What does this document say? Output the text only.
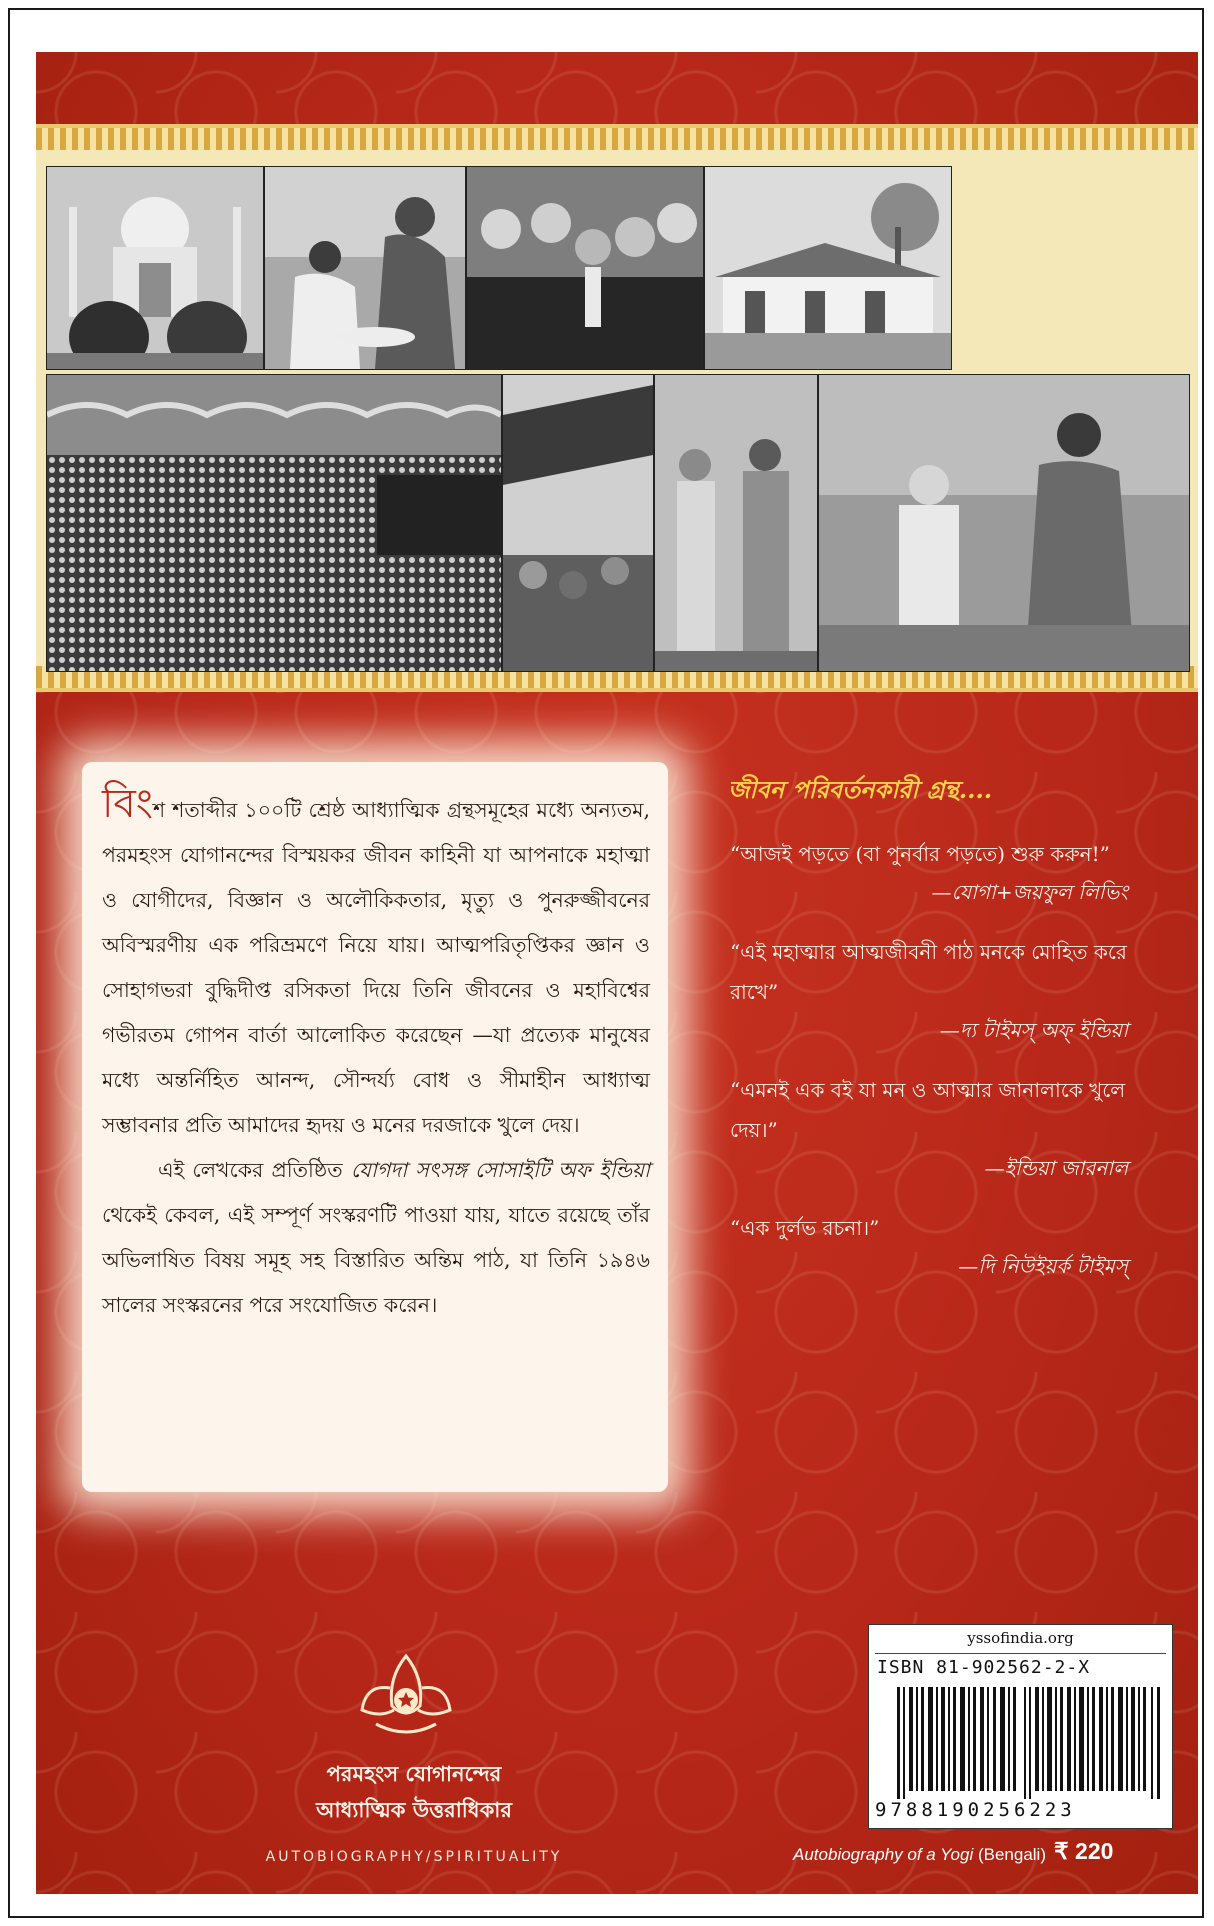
বিংশ শতাব্দীর ১০০টি শ্রেষ্ঠ আধ্যাত্মিক গ্রন্থসমূহের মধ্যে অন্যতম, পরমহংস যোগানন্দের বিস্ময়কর জীবন কাহিনী যা আপনাকে মহাত্মা ও যোগীদের, বিজ্ঞান ও অলৌকিকতার, মৃত্যু ও পুনরুজ্জীবনের অবিস্মরণীয় এক পরিভ্রমণে নিয়ে যায়। আত্মপরিতৃপ্তিকর জ্ঞান ও সোহাগভরা বুদ্ধিদীপ্ত রসিকতা দিয়ে তিনি জীবনের ও মহাবিশ্বের গভীরতম গোপন বার্তা আলোকিত করেছেন —যা প্রত্যেক মানুষের মধ্যে অন্তর্নিহিত আনন্দ, সৌন্দর্য্য বোধ ও সীমাহীন আধ্যাত্ম সম্ভাবনার প্রতি আমাদের হৃদয় ও মনের দরজাকে খুলে দেয়।

এই লেখকের প্রতিষ্ঠিত যোগদা সৎসঙ্গ সোসাইটি অফ ইন্ডিয়া থেকেই কেবল, এই সম্পূর্ণ সংস্করণটি পাওয়া যায়, যাতে রয়েছে তাঁর অভিলাষিত বিষয় সমূহ সহ বিস্তারিত অন্তিম পাঠ, যা তিনি ১৯৪৬ সালের সংস্করনের পরে সংযোজিত করেন।

জীবন পরিবর্তনকারী গ্রন্থ....
“আজই পড়তে (বা পুনর্বার পড়তে) শুরু করুন!”
—যোগা+জয়ফুল লিভিং
“এই মহাত্মার আত্মজীবনী পাঠ মনকে মোহিত করে রাখে”
—দ্য টাইমস্ অফ্ ইন্ডিয়া
“এমনই এক বই যা মন ও আত্মার জানালাকে খুলে দেয়।”
—ইন্ডিয়া জারনাল
“এক দুর্লভ রচনা।”
—দি নিউইয়র্ক টাইমস্
পরমহংস যোগানন্দের
আধ্যাত্মিক উত্তরাধিকার
AUTOBIOGRAPHY/SPIRITUALITY
yssofindia.org
ISBN 81-902562-2-X
9788190256223
Autobiography of a Yogi (Bengali) ₹ 220
